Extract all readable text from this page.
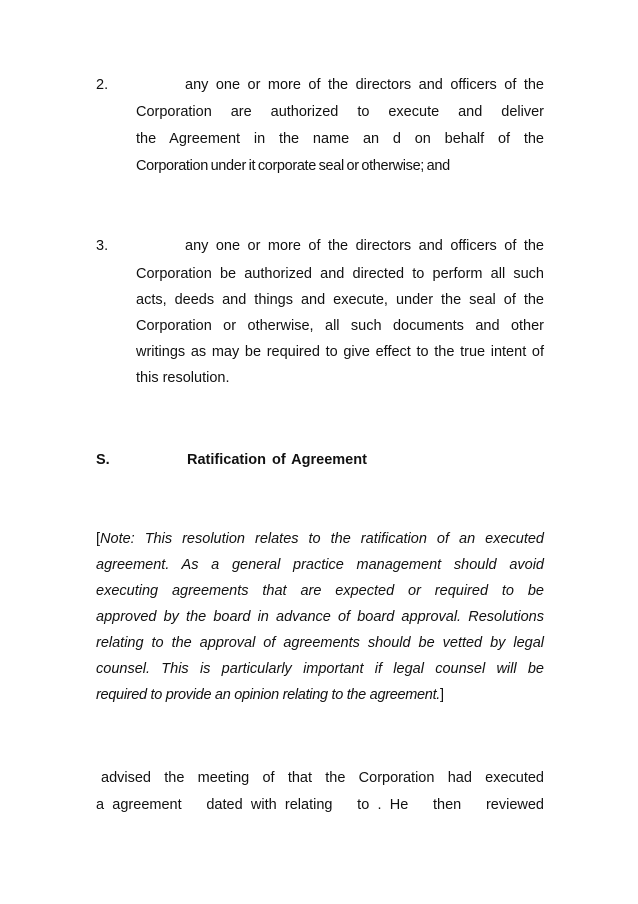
2.	any one or more of the directors and officers of the
Corporation are authorized to execute and deliver
the Agreement in the name an d on behalf of the
Corporation under it corporate seal or otherwise; and
3.	any one or more of the directors and officers of the
Corporation be authorized and directed to perform all such
acts, deeds and things and execute, under the seal of the
Corporation or otherwise, all such documents and other
writings as may be required to give effect to the true intent of
this resolution.
S.	Ratification of Agreement
[Note: This resolution relates to the ratification of an executed
agreement. As a general practice management should avoid
executing agreements that are expected or required to be
approved by the board in advance of board approval. Resolutions
relating to the approval of agreements should be vetted by legal
counsel. This is particularly important if legal counsel will be
required to provide an opinion relating to the agreement.]
advised the meeting of that the Corporation had executed
a agreement   dated with relating   to . He   then   reviewed
